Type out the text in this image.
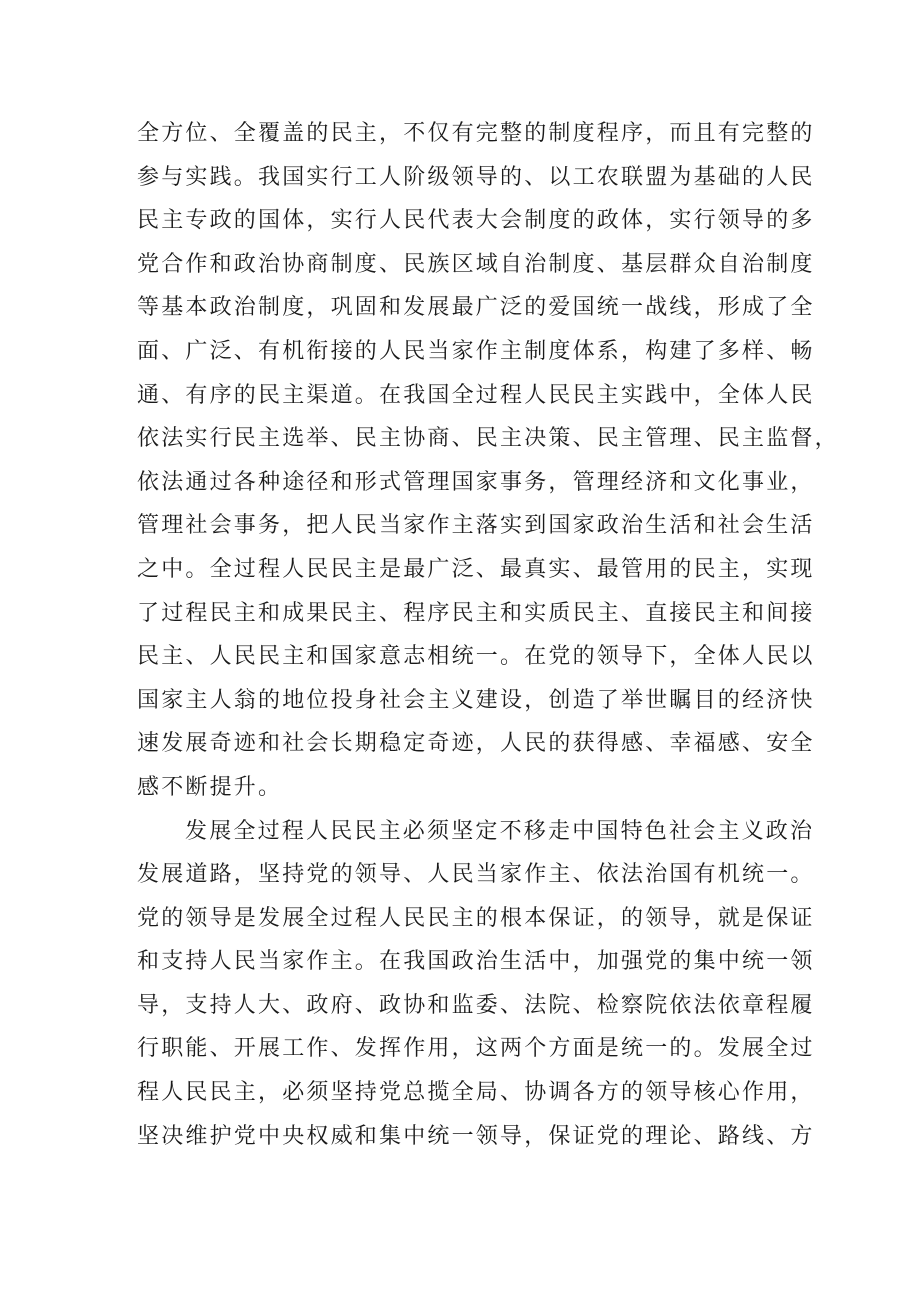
全方位、全覆盖的民主，不仅有完整的制度程序，而且有完整的
参与实践。我国实行工人阶级领导的、以工农联盟为基础的人民
民主专政的国体，实行人民代表大会制度的政体，实行领导的多
党合作和政治协商制度、民族区域自治制度、基层群众自治制度
等基本政治制度，巩固和发展最广泛的爱国统一战线，形成了全
面、广泛、有机衔接的人民当家作主制度体系，构建了多样、畅
通、有序的民主渠道。在我国全过程人民民主实践中，全体人民
依法实行民主选举、民主协商、民主决策、民主管理、民主监督，
依法通过各种途径和形式管理国家事务，管理经济和文化事业，
管理社会事务，把人民当家作主落实到国家政治生活和社会生活
之中。全过程人民民主是最广泛、最真实、最管用的民主，实现
了过程民主和成果民主、程序民主和实质民主、直接民主和间接
民主、人民民主和国家意志相统一。在党的领导下，全体人民以
国家主人翁的地位投身社会主义建设，创造了举世瞩目的经济快
速发展奇迹和社会长期稳定奇迹，人民的获得感、幸福感、安全
感不断提升。
发展全过程人民民主必须坚定不移走中国特色社会主义政治
发展道路，坚持党的领导、人民当家作主、依法治国有机统一。
党的领导是发展全过程人民民主的根本保证，的领导，就是保证
和支持人民当家作主。在我国政治生活中，加强党的集中统一领
导，支持人大、政府、政协和监委、法院、检察院依法依章程履
行职能、开展工作、发挥作用，这两个方面是统一的。发展全过
程人民民主，必须坚持党总揽全局、协调各方的领导核心作用，
坚决维护党中央权威和集中统一领导，保证党的理论、路线、方
